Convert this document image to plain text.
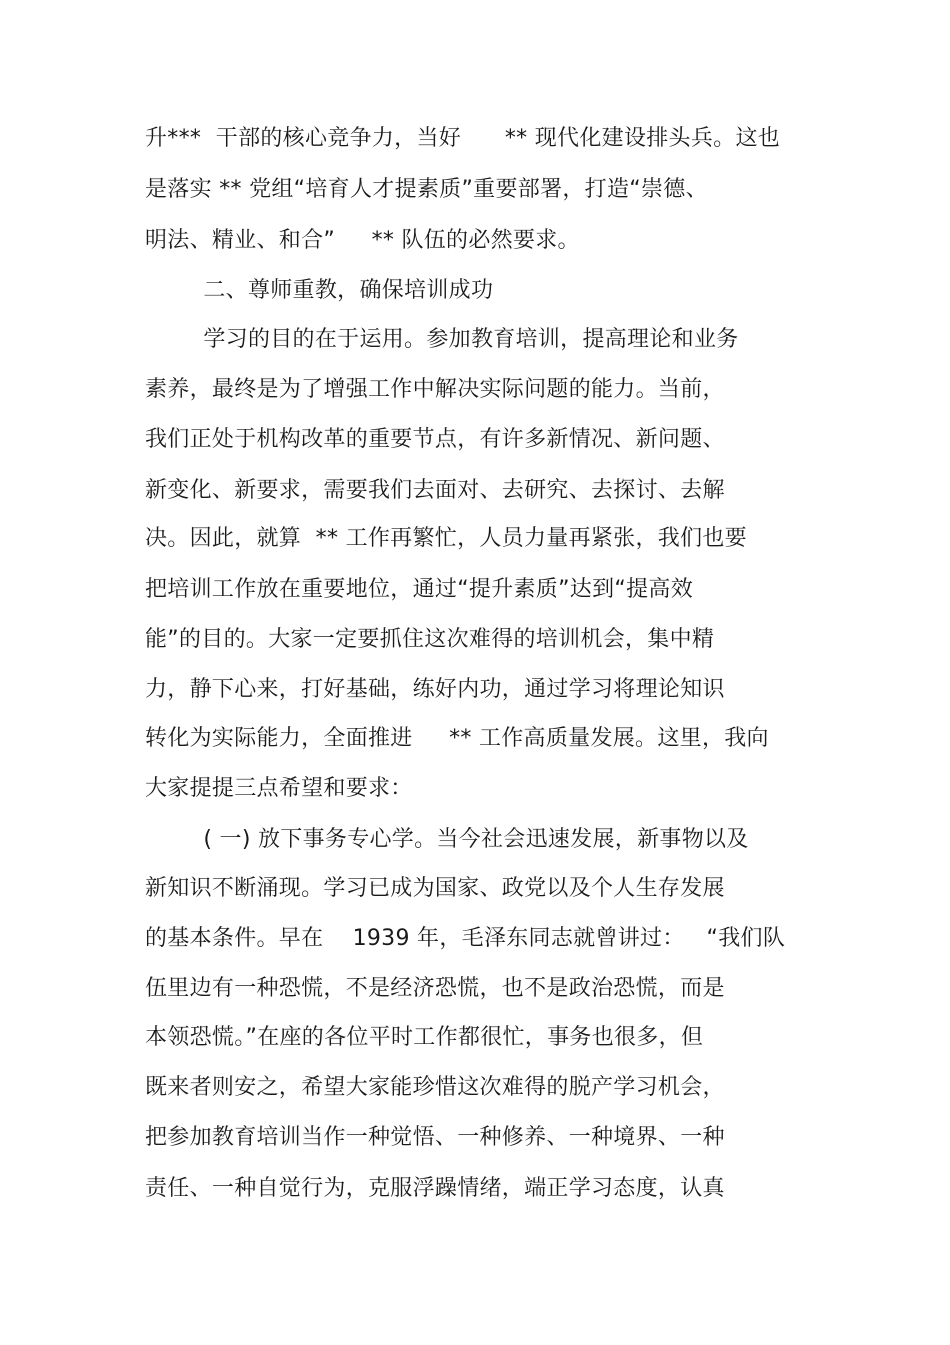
升***  干部的核心竞争力，当好      ** 现代化建设排头兵。这也
是落实 ** 党组“培育人才提素质”重要部署，打造“崇德、
明法、精业、和合”     ** 队伍的必然要求。
二、尊师重教，确保培训成功
学习的目的在于运用。参加教育培训，提高理论和业务
素养，最终是为了增强工作中解决实际问题的能力。当前，
我们正处于机构改革的重要节点，有许多新情况、新问题、
新变化、新要求，需要我们去面对、去研究、去探讨、去解
决。因此，就算  ** 工作再繁忙，人员力量再紧张，我们也要
把培训工作放在重要地位，通过“提升素质”达到“提高效
能”的目的。大家一定要抓住这次难得的培训机会，集中精
力，静下心来，打好基础，练好内功，通过学习将理论知识
转化为实际能力，全面推进     ** 工作高质量发展。这里，我向
大家提提三点希望和要求：
( 一) 放下事务专心学。当今社会迅速发展，新事物以及
新知识不断涌现。学习已成为国家、政党以及个人生存发展
的基本条件。早在    1939 年，毛泽东同志就曾讲过：   “我们队
伍里边有一种恐慌，不是经济恐慌，也不是政治恐慌，而是
本领恐慌。”在座的各位平时工作都很忙，事务也很多，但
既来者则安之，希望大家能珍惜这次难得的脱产学习机会，
把参加教育培训当作一种觉悟、一种修养、一种境界、一种
责任、一种自觉行为，克服浮躁情绪，端正学习态度，认真
